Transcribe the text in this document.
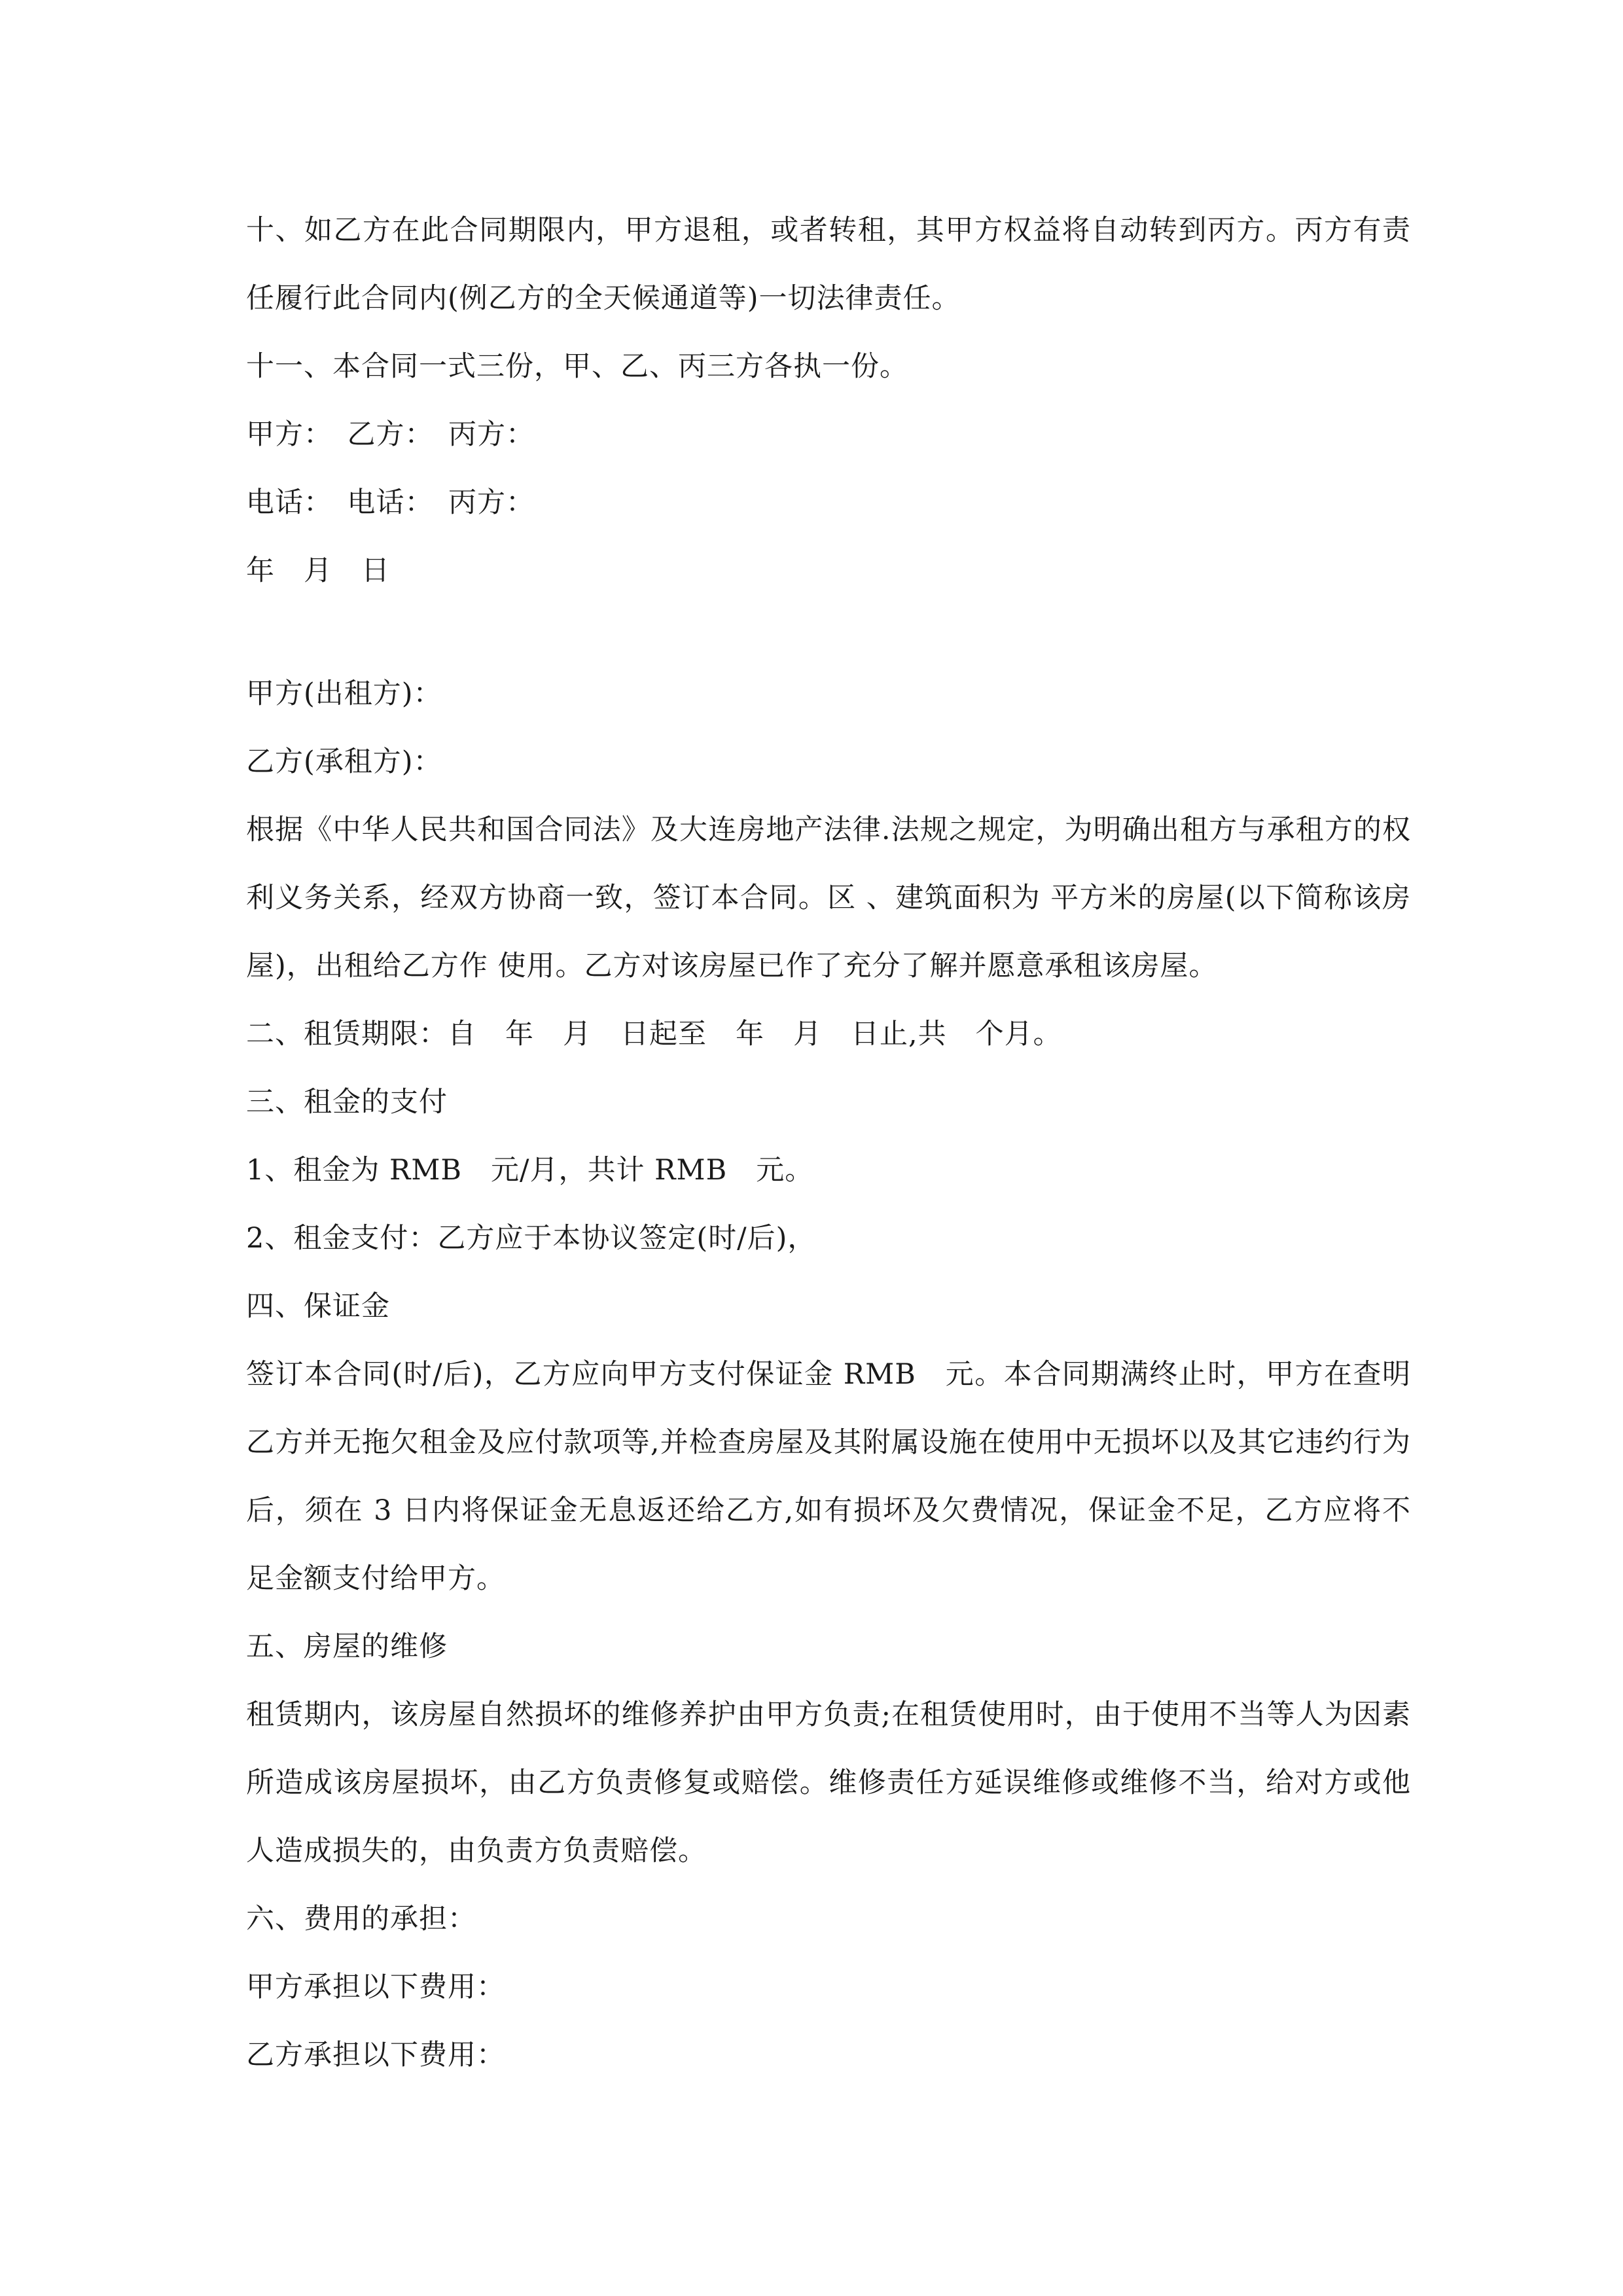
十、如乙方在此合同期限内，甲方退租，或者转租，其甲方权益将自动转到丙方。丙方有责任履行此合同内(例乙方的全天候通道等)一切法律责任。
十一、本合同一式三份，甲、乙、丙三方各执一份。
甲方：　乙方：　丙方：
电话：　电话：　丙方：
年　月　日
甲方(出租方)：
乙方(承租方)：
根据《中华人民共和国合同法》及大连房地产法律.法规之规定，为明确出租方与承租方的权利义务关系，经双方协商一致，签订本合同。区 、建筑面积为 平方米的房屋(以下简称该房屋)，出租给乙方作 使用。乙方对该房屋已作了充分了解并愿意承租该房屋。
二、租赁期限：自　年　月　日起至　年　月　日止,共　个月。
三、租金的支付
1、租金为 RMB　元/月，共计 RMB　元。
2、租金支付：乙方应于本协议签定(时/后)，
四、保证金
签订本合同(时/后)，乙方应向甲方支付保证金 RMB　元。本合同期满终止时，甲方在查明乙方并无拖欠租金及应付款项等,并检查房屋及其附属设施在使用中无损坏以及其它违约行为后，须在 3 日内将保证金无息返还给乙方,如有损坏及欠费情况，保证金不足，乙方应将不足金额支付给甲方。
五、房屋的维修
租赁期内，该房屋自然损坏的维修养护由甲方负责;在租赁使用时，由于使用不当等人为因素所造成该房屋损坏，由乙方负责修复或赔偿。维修责任方延误维修或维修不当，给对方或他人造成损失的，由负责方负责赔偿。
六、费用的承担：
甲方承担以下费用：
乙方承担以下费用：
